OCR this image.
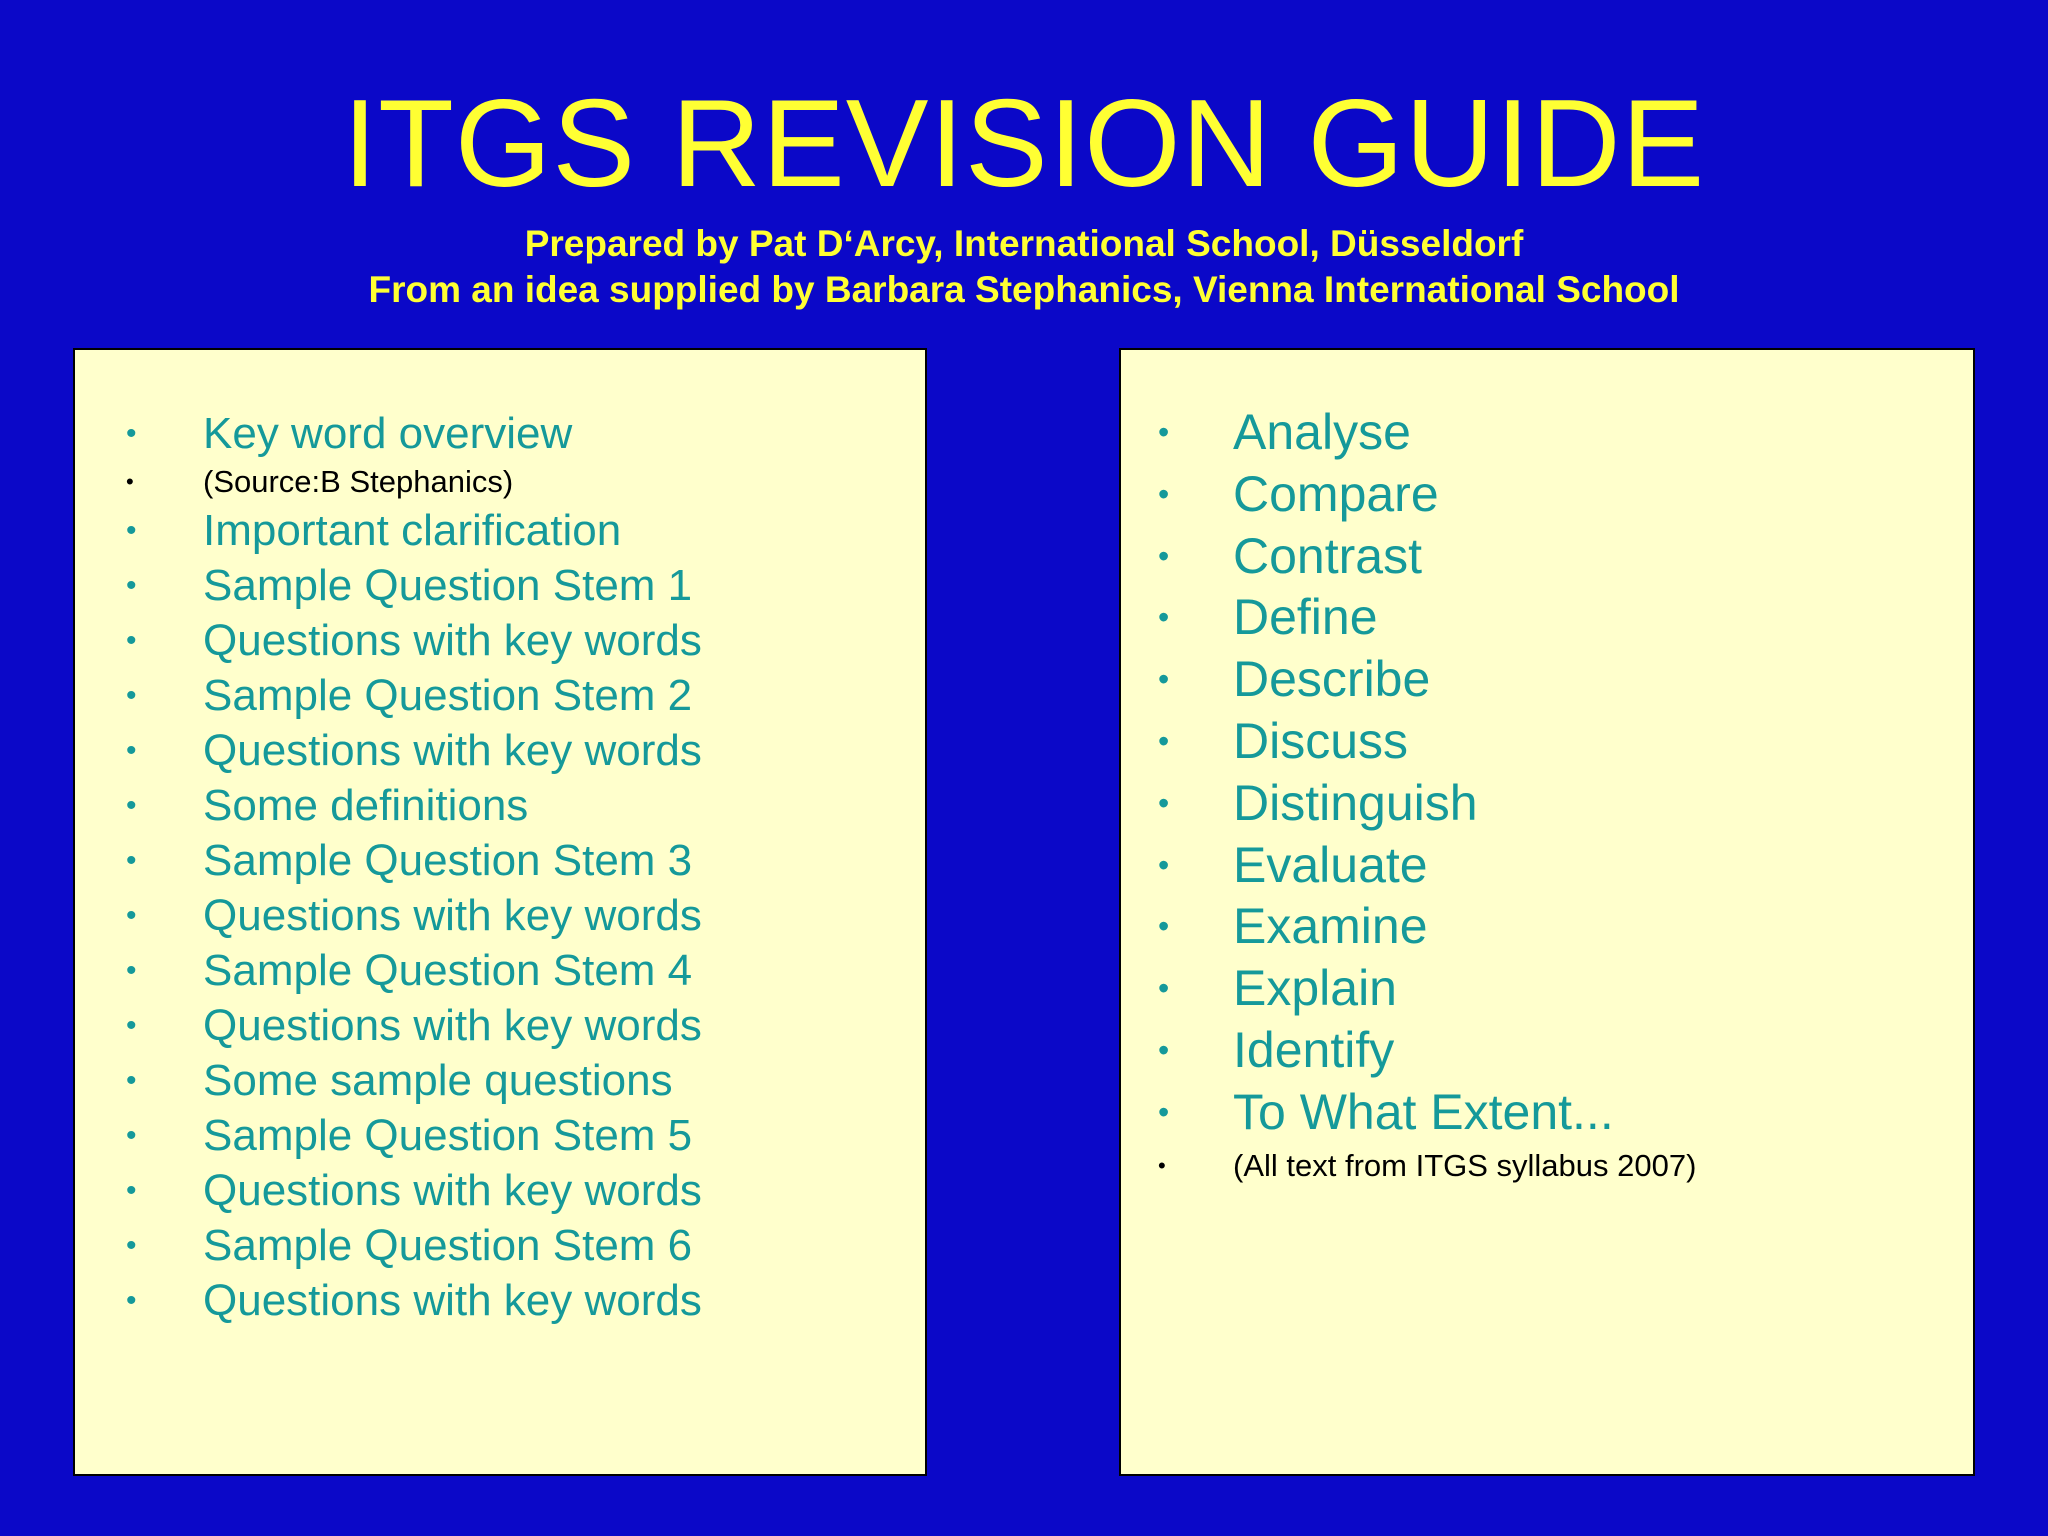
ITGS REVISION GUIDE
Prepared by Pat D‘Arcy, International School, Düsseldorf
From an idea supplied by Barbara Stephanics, Vienna International School
• Key word overview
• (Source:B Stephanics)
• Important clarification
• Sample Question Stem 1
• Questions with key words
• Sample Question Stem 2
• Questions with key words
• Some definitions
• Sample Question Stem 3
• Questions with key words
• Sample Question Stem 4
• Questions with key words
• Some sample questions
• Sample Question Stem 5
• Questions with key words
• Sample Question Stem 6
• Questions with key words
• Analyse
• Compare
• Contrast
• Define
• Describe
• Discuss
• Distinguish
• Evaluate
• Examine
• Explain
• Identify
• To What Extent...
• (All text from ITGS syllabus 2007)
